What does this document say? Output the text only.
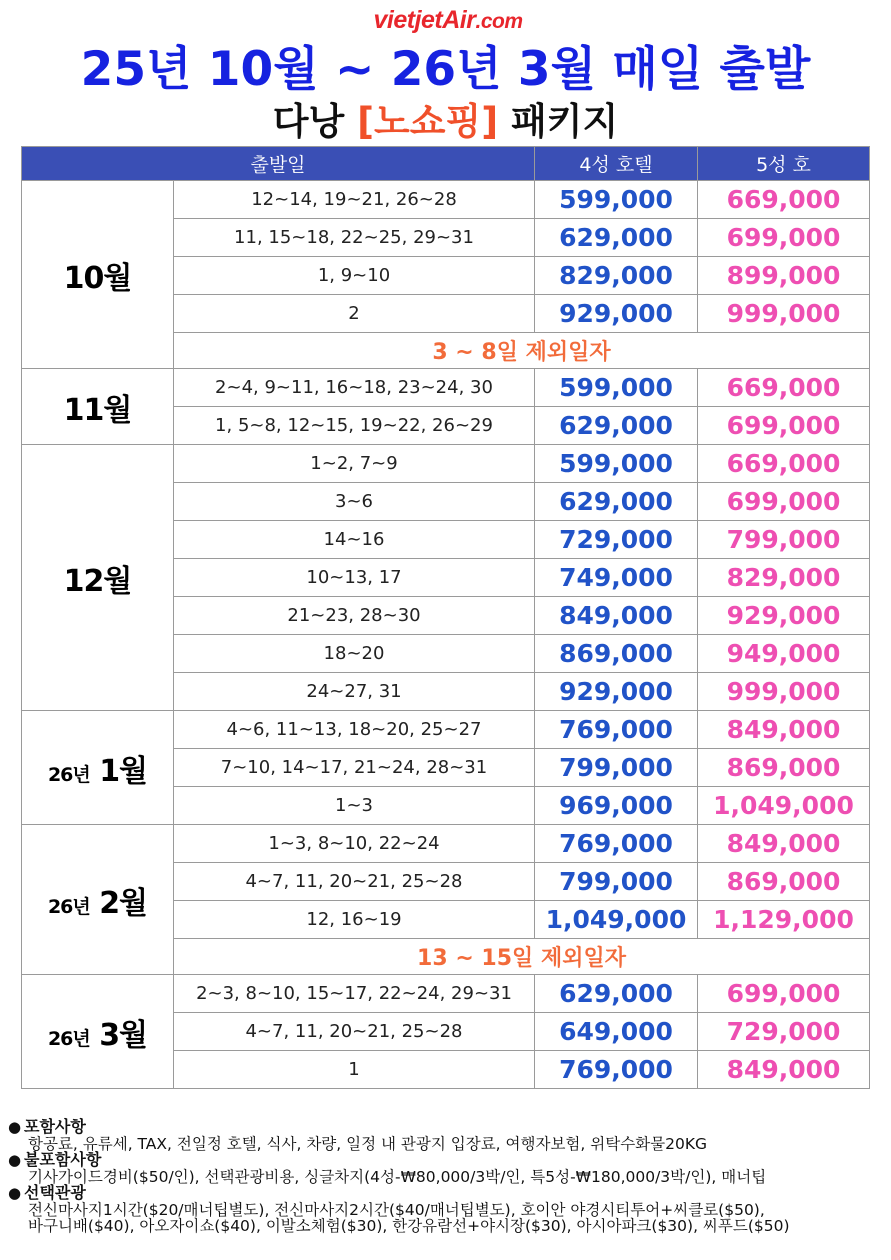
vietjetAir .com
25년 10월 ~ 26년 3월 매일 출발
다낭 [노쇼핑] 패키지
출발일		4성 호텔	5성 호
10월	12~14, 19~21, 26~28	599,000	669,000
	11, 15~18, 22~25, 29~31	629,000	699,000
	1, 9~10	829,000	899,000
	2	929,000	999,000
	3 ~ 8일 제외일자		
11월	2~4, 9~11, 16~18, 23~24, 30	599,000	669,000
	1, 5~8, 12~15, 19~22, 26~29	629,000	699,000
12월	1~2, 7~9	599,000	669,000
	3~6	629,000	699,000
	14~16	729,000	799,000
	10~13, 17	749,000	829,000
	21~23, 28~30	849,000	929,000
	18~20	869,000	949,000
	24~27, 31	929,000	999,000
26년 1월	4~6, 11~13, 18~20, 25~27	769,000	849,000
	7~10, 14~17, 21~24, 28~31	799,000	869,000
	1~3	969,000	1,049,000
26년 2월	1~3, 8~10, 22~24	769,000	849,000
	4~7, 11, 20~21, 25~28	799,000	869,000
	12, 16~19	1,049,000	1,129,000
	13 ~ 15일 제외일자		
26년 3월	2~3, 8~10, 15~17, 22~24, 29~31	629,000	699,000
	4~7, 11, 20~21, 25~28	649,000	729,000
	1	769,000	849,000
● 포함사항
항공료, 유류세, TAX, 전일정 호텔, 식사, 차량, 일정 내 관광지 입장료, 여행자보험, 위탁수화물20KG
● 불포함사항
기사가이드경비($50/인), 선택관광비용, 싱글차지(4성-₩80,000/3박/인, 특5성-₩180,000/3박/인), 매너팁
● 선택관광
전신마사지1시간($20/매너팁별도), 전신마사지2시간($40/매너팁별도), 호이안 야경시티투어+씨클로($50),
바구니배($40), 아오자이쇼($40), 이발소체험($30), 한강유람선+야시장($30), 아시아파크($30), 씨푸드($50)
